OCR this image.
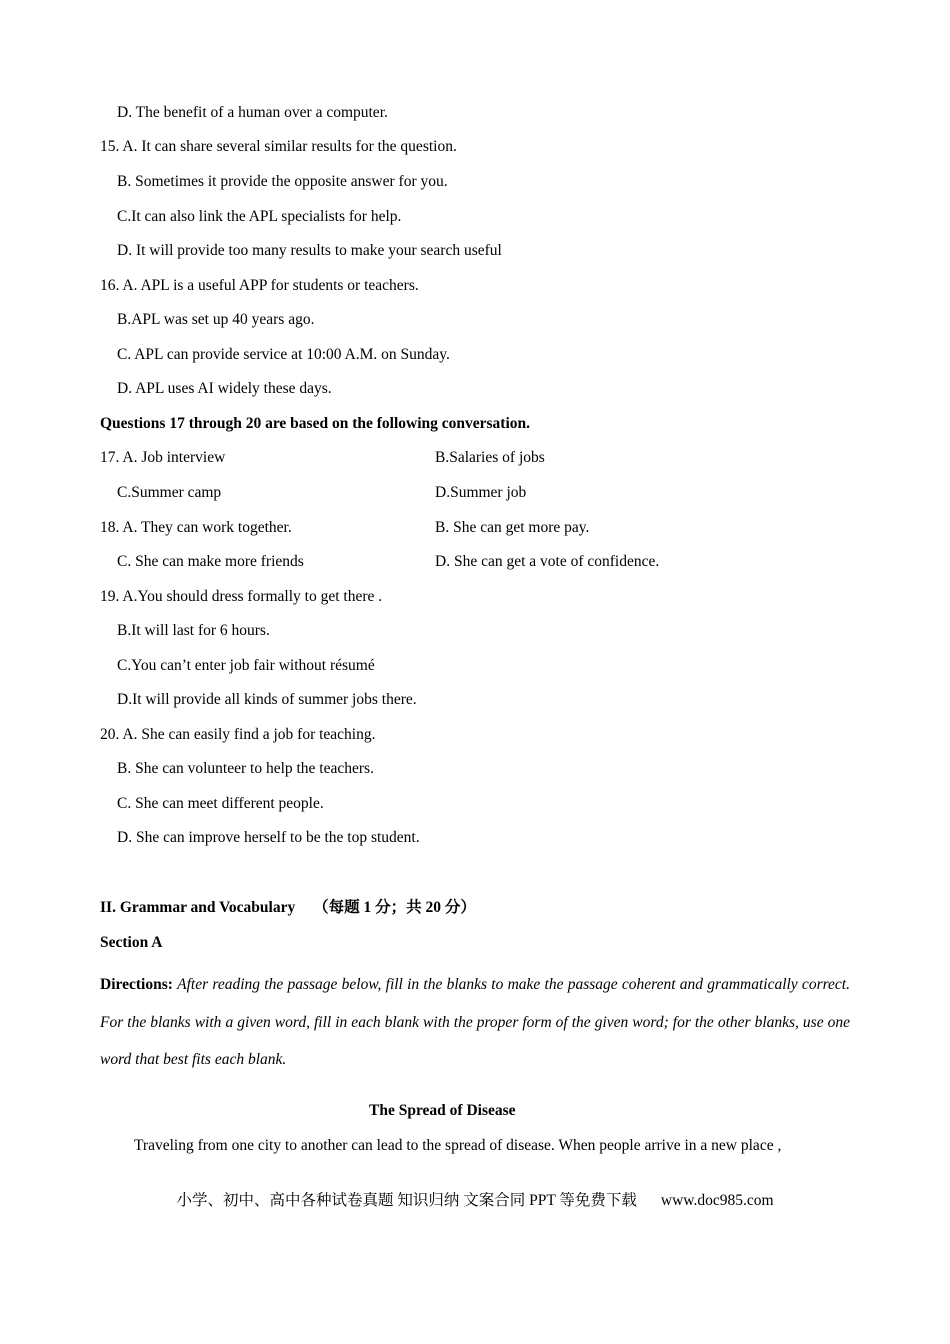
D. The benefit of a human over a computer.
15. A. It can share several similar results for the question.
B. Sometimes it provide the opposite answer for you.
C.It can also link the APL specialists for help.
D. It will provide too many results to make your search useful
16. A. APL is a useful APP for students or teachers.
B.APL was set up 40 years ago.
C. APL can provide service at 10:00 A.M. on Sunday.
D. APL uses AI widely these days.
Questions 17 through 20 are based on the following conversation.
17. A. Job interview	B.Salaries of jobs
C.Summer camp	D.Summer job
18. A. They can work together.	B. She can get more pay.
C. She can make more friends	D. She can get a vote of confidence.
19. A.You should dress formally to get there .
B.It will last for 6 hours.
C.You can’t enter job fair without résumé
D.It will provide all kinds of summer jobs there.
20. A. She can easily find a job for teaching.
B. She can volunteer to help the teachers.
C. She can meet different people.
D. She can improve herself to be the top student.
II. Grammar and Vocabulary （每题 1 分；共 20 分）
Section A
Directions: After reading the passage below, fill in the blanks to make the passage coherent and grammatically correct. For the blanks with a given word, fill in each blank with the proper form of the given word; for the other blanks, use one word that best fits each blank.
The Spread of Disease
Traveling from one city to another can lead to the spread of disease. When people arrive in a new place ,
小学、初中、高中各种试卷真题 知识归纳 文案合同 PPT 等免费下载 www.doc985.com
